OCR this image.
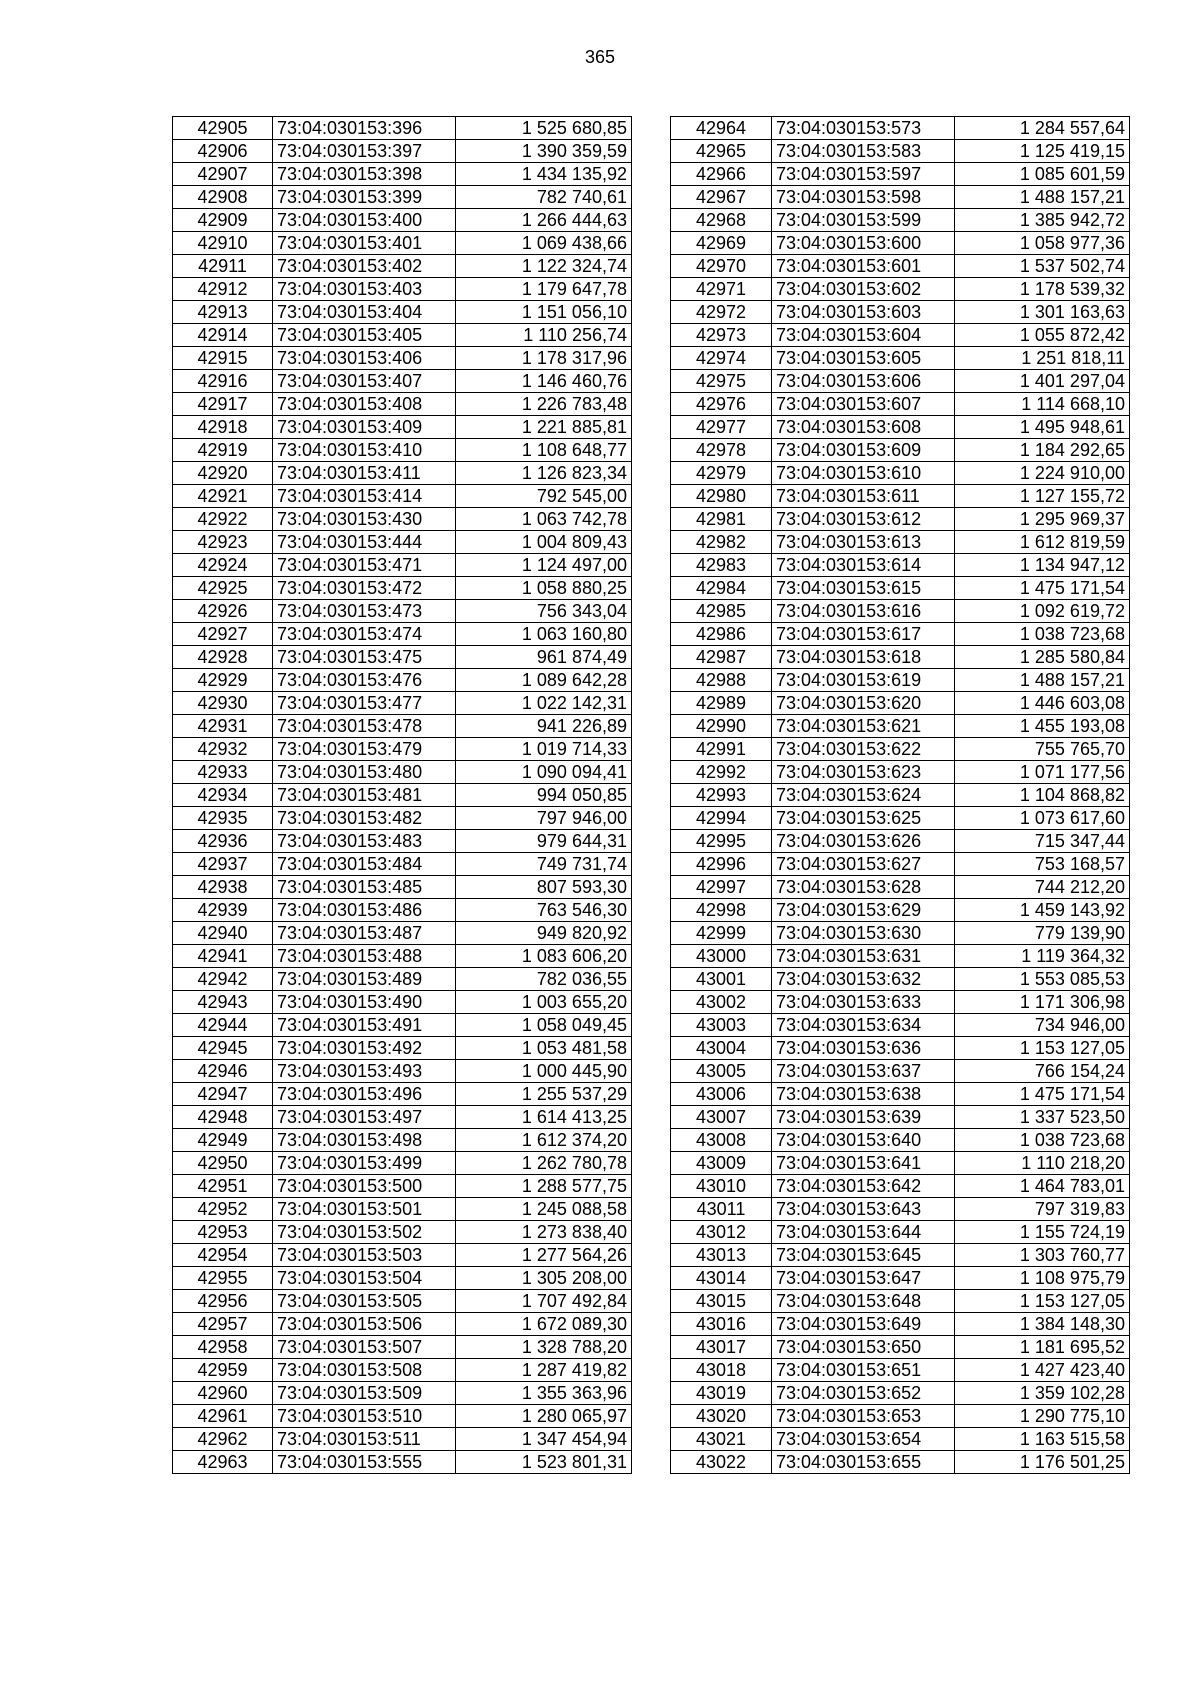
365
42905	73:04:030153:396	1 525 680,85
42906	73:04:030153:397	1 390 359,59
42907	73:04:030153:398	1 434 135,92
42908	73:04:030153:399	782 740,61
42909	73:04:030153:400	1 266 444,63
42910	73:04:030153:401	1 069 438,66
42911	73:04:030153:402	1 122 324,74
42912	73:04:030153:403	1 179 647,78
42913	73:04:030153:404	1 151 056,10
42914	73:04:030153:405	1 110 256,74
42915	73:04:030153:406	1 178 317,96
42916	73:04:030153:407	1 146 460,76
42917	73:04:030153:408	1 226 783,48
42918	73:04:030153:409	1 221 885,81
42919	73:04:030153:410	1 108 648,77
42920	73:04:030153:411	1 126 823,34
42921	73:04:030153:414	792 545,00
42922	73:04:030153:430	1 063 742,78
42923	73:04:030153:444	1 004 809,43
42924	73:04:030153:471	1 124 497,00
42925	73:04:030153:472	1 058 880,25
42926	73:04:030153:473	756 343,04
42927	73:04:030153:474	1 063 160,80
42928	73:04:030153:475	961 874,49
42929	73:04:030153:476	1 089 642,28
42930	73:04:030153:477	1 022 142,31
42931	73:04:030153:478	941 226,89
42932	73:04:030153:479	1 019 714,33
42933	73:04:030153:480	1 090 094,41
42934	73:04:030153:481	994 050,85
42935	73:04:030153:482	797 946,00
42936	73:04:030153:483	979 644,31
42937	73:04:030153:484	749 731,74
42938	73:04:030153:485	807 593,30
42939	73:04:030153:486	763 546,30
42940	73:04:030153:487	949 820,92
42941	73:04:030153:488	1 083 606,20
42942	73:04:030153:489	782 036,55
42943	73:04:030153:490	1 003 655,20
42944	73:04:030153:491	1 058 049,45
42945	73:04:030153:492	1 053 481,58
42946	73:04:030153:493	1 000 445,90
42947	73:04:030153:496	1 255 537,29
42948	73:04:030153:497	1 614 413,25
42949	73:04:030153:498	1 612 374,20
42950	73:04:030153:499	1 262 780,78
42951	73:04:030153:500	1 288 577,75
42952	73:04:030153:501	1 245 088,58
42953	73:04:030153:502	1 273 838,40
42954	73:04:030153:503	1 277 564,26
42955	73:04:030153:504	1 305 208,00
42956	73:04:030153:505	1 707 492,84
42957	73:04:030153:506	1 672 089,30
42958	73:04:030153:507	1 328 788,20
42959	73:04:030153:508	1 287 419,82
42960	73:04:030153:509	1 355 363,96
42961	73:04:030153:510	1 280 065,97
42962	73:04:030153:511	1 347 454,94
42963	73:04:030153:555	1 523 801,31
42964	73:04:030153:573	1 284 557,64
42965	73:04:030153:583	1 125 419,15
42966	73:04:030153:597	1 085 601,59
42967	73:04:030153:598	1 488 157,21
42968	73:04:030153:599	1 385 942,72
42969	73:04:030153:600	1 058 977,36
42970	73:04:030153:601	1 537 502,74
42971	73:04:030153:602	1 178 539,32
42972	73:04:030153:603	1 301 163,63
42973	73:04:030153:604	1 055 872,42
42974	73:04:030153:605	1 251 818,11
42975	73:04:030153:606	1 401 297,04
42976	73:04:030153:607	1 114 668,10
42977	73:04:030153:608	1 495 948,61
42978	73:04:030153:609	1 184 292,65
42979	73:04:030153:610	1 224 910,00
42980	73:04:030153:611	1 127 155,72
42981	73:04:030153:612	1 295 969,37
42982	73:04:030153:613	1 612 819,59
42983	73:04:030153:614	1 134 947,12
42984	73:04:030153:615	1 475 171,54
42985	73:04:030153:616	1 092 619,72
42986	73:04:030153:617	1 038 723,68
42987	73:04:030153:618	1 285 580,84
42988	73:04:030153:619	1 488 157,21
42989	73:04:030153:620	1 446 603,08
42990	73:04:030153:621	1 455 193,08
42991	73:04:030153:622	755 765,70
42992	73:04:030153:623	1 071 177,56
42993	73:04:030153:624	1 104 868,82
42994	73:04:030153:625	1 073 617,60
42995	73:04:030153:626	715 347,44
42996	73:04:030153:627	753 168,57
42997	73:04:030153:628	744 212,20
42998	73:04:030153:629	1 459 143,92
42999	73:04:030153:630	779 139,90
43000	73:04:030153:631	1 119 364,32
43001	73:04:030153:632	1 553 085,53
43002	73:04:030153:633	1 171 306,98
43003	73:04:030153:634	734 946,00
43004	73:04:030153:636	1 153 127,05
43005	73:04:030153:637	766 154,24
43006	73:04:030153:638	1 475 171,54
43007	73:04:030153:639	1 337 523,50
43008	73:04:030153:640	1 038 723,68
43009	73:04:030153:641	1 110 218,20
43010	73:04:030153:642	1 464 783,01
43011	73:04:030153:643	797 319,83
43012	73:04:030153:644	1 155 724,19
43013	73:04:030153:645	1 303 760,77
43014	73:04:030153:647	1 108 975,79
43015	73:04:030153:648	1 153 127,05
43016	73:04:030153:649	1 384 148,30
43017	73:04:030153:650	1 181 695,52
43018	73:04:030153:651	1 427 423,40
43019	73:04:030153:652	1 359 102,28
43020	73:04:030153:653	1 290 775,10
43021	73:04:030153:654	1 163 515,58
43022	73:04:030153:655	1 176 501,25
